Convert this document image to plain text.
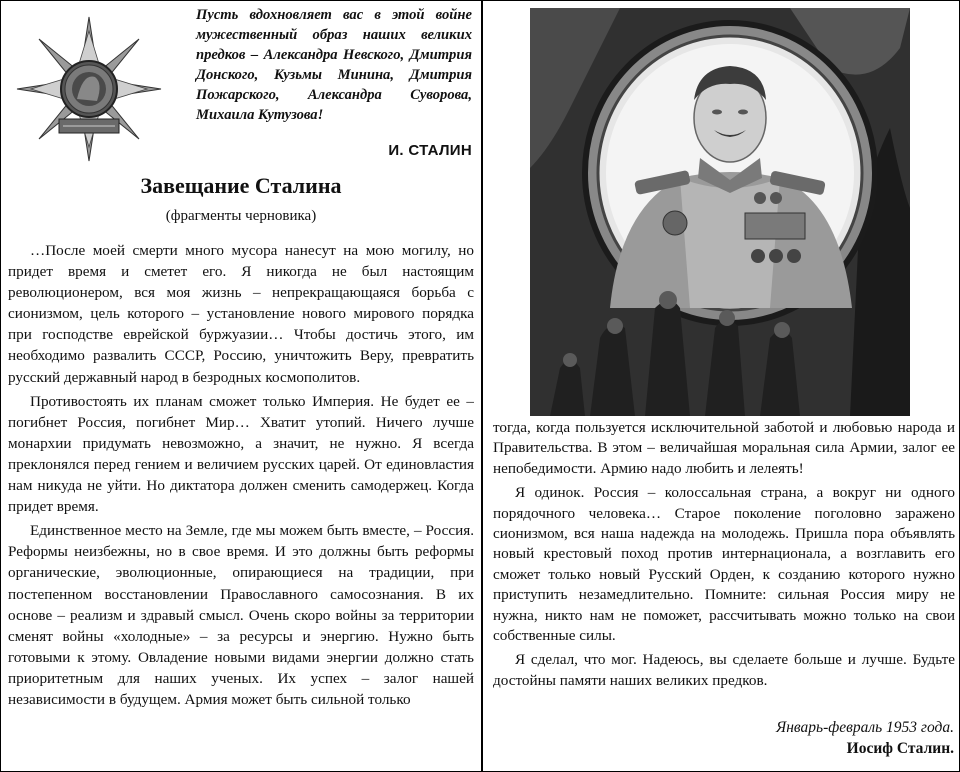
Пусть вдохновляет вас в этой войне мужественный образ наших великих предков – Александра Невского, Дмитрия Донского, Кузьмы Минина, Дмитрия Пожарского, Александра Суворова, Михаила Кутузова!
И. СТАЛИН
Завещание Сталина
(фрагменты черновика)

…После моей смерти много мусора нанесут на мою могилу, но придет время и сметет его. Я никогда не был настоящим революционером, вся моя жизнь – непрекращающаяся борьба с сионизмом, цель которого – установление нового мирового порядка при господстве еврейской буржуазии… Чтобы достичь этого, им необходимо развалить СССР, Россию, уничтожить Веру, превратить русский державный народ в безродных космополитов.

Противостоять их планам сможет только Империя. Не будет ее – погибнет Россия, погибнет Мир… Хватит утопий. Ничего лучше монархии придумать невозможно, а значит, не нужно. Я всегда преклонялся перед гением и величием русских царей. От единовластия нам никуда не уйти. Но диктатора должен сменить самодержец. Когда придет время.

Единственное место на Земле, где мы можем быть вместе, – Россия. Реформы неизбежны, но в свое время. И это должны быть реформы органические, эволюционные, опирающиеся на традиции, при постепенном восстановлении Православного самосознания. В их основе – реализм и здравый смысл. Очень скоро войны за территории сменят войны «холодные» – за ресурсы и энергию. Нужно быть готовыми к этому. Овладение новыми видами энергии должно стать приоритетным для наших ученых. Их успех – залог нашей независимости в будущем. Армия может быть сильной только

тогда, когда пользуется исключительной заботой и любовью народа и Правительства. В этом – величайшая моральная сила Армии, залог ее непобедимости. Армию надо любить и лелеять!

Я одинок. Россия – колоссальная страна, а вокруг ни одного порядочного человека… Старое поколение поголовно заражено сионизмом, вся наша надежда на молодежь. Пришла пора объявлять новый крестовый поход против интернационала, а возглавить его сможет только новый Русский Орден, к созданию которого нужно приступить незамедлительно. Помните: сильная Россия миру не нужна, никто нам не поможет, рассчитывать можно только на свои собственные силы.

Я сделал, что мог. Надеюсь, вы сделаете больше и лучше. Будьте достойны памяти наших великих предков.

Январь-февраль 1953 года.
Иосиф Сталин.
